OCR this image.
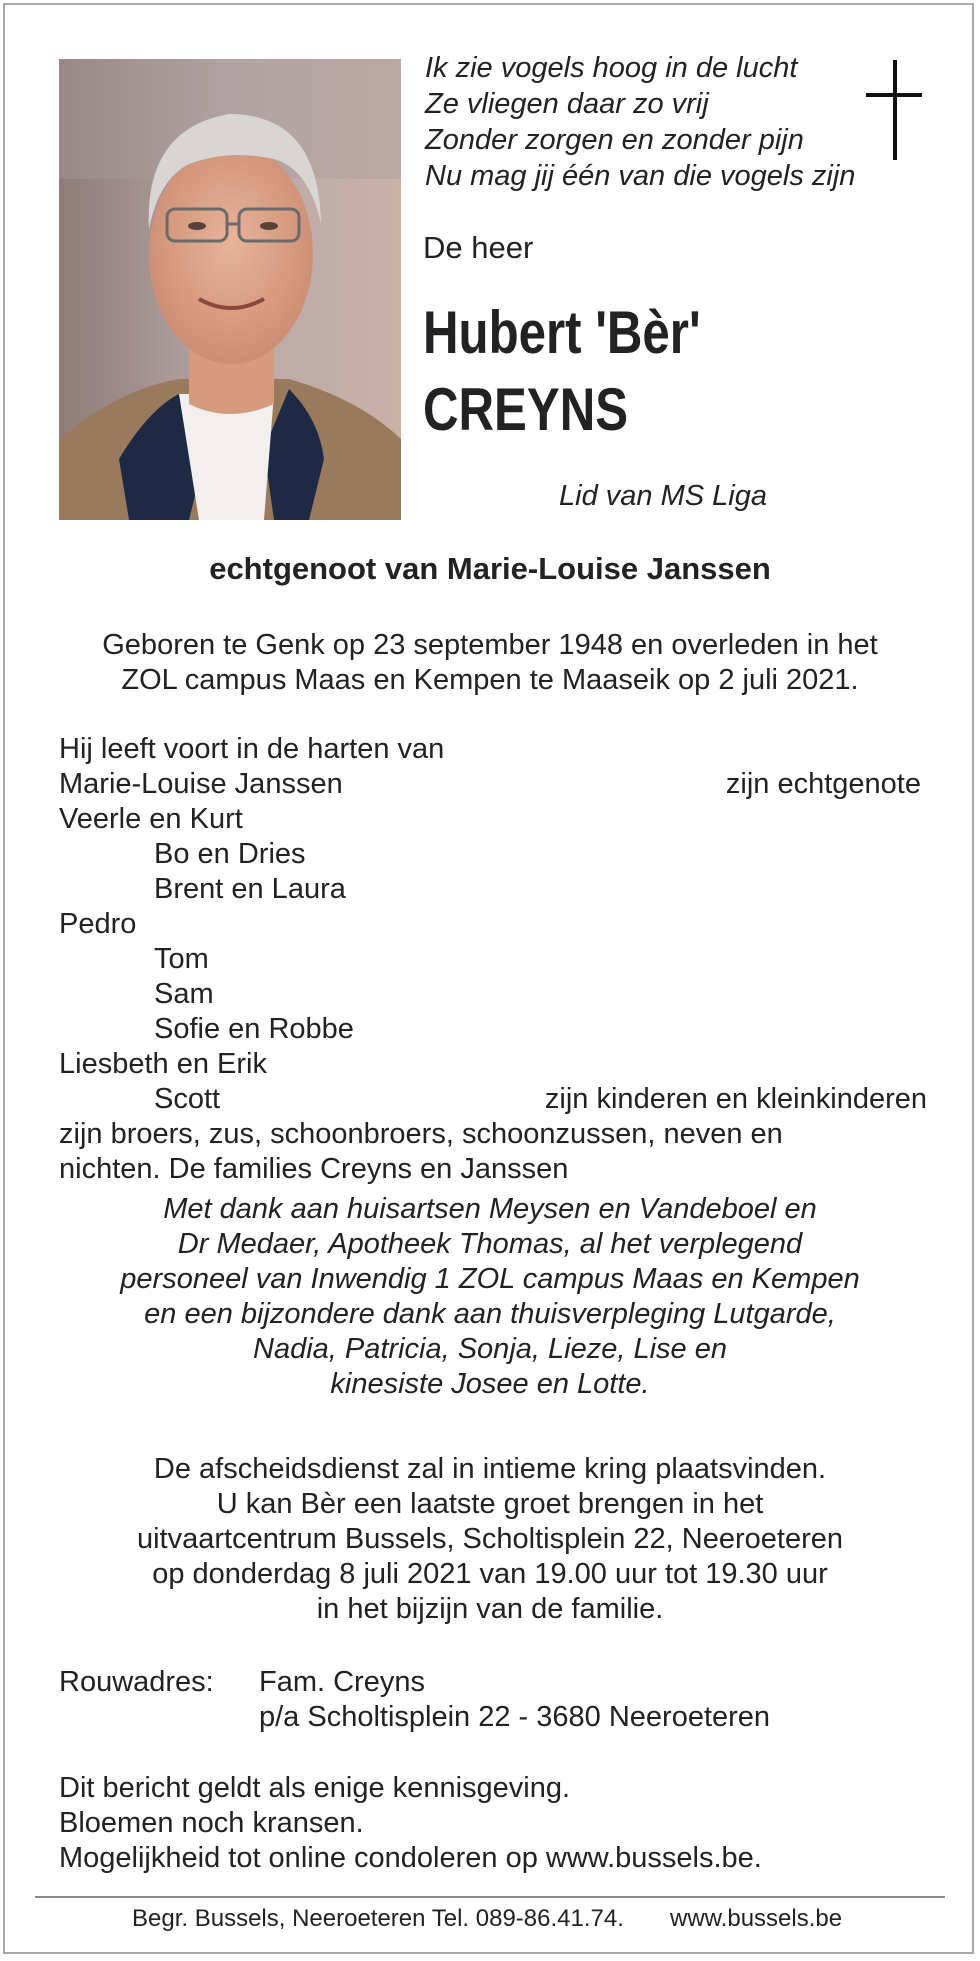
Ik zie vogels hoog in de lucht
Ze vliegen daar zo vrij
Zonder zorgen en zonder pijn
Nu mag jij één van die vogels zijn
De heer
Hubert 'Bèr'
CREYNS
Lid van MS Liga
echtgenoot van Marie-Louise Janssen
Geboren te Genk op 23 september 1948 en overleden in het
ZOL campus Maas en Kempen te Maaseik op 2 juli 2021.
Hij leeft voort in de harten van
Marie-Louise Janssen	zijn echtgenote
Veerle en Kurt
Bo en Dries
Brent en Laura
Pedro
Tom
Sam
Sofie en Robbe
Liesbeth en Erik
Scott	zijn kinderen en kleinkinderen
zijn broers, zus, schoonbroers, schoonzussen, neven en
nichten. De families Creyns en Janssen
Met dank aan huisartsen Meysen en Vandeboel en
Dr Medaer, Apotheek Thomas, al het verplegend
personeel van Inwendig 1 ZOL campus Maas en Kempen
en een bijzondere dank aan thuisverpleging Lutgarde,
Nadia, Patricia, Sonja, Lieze, Lise en
kinesiste Josee en Lotte.
De afscheidsdienst zal in intieme kring plaatsvinden.
U kan Bèr een laatste groet brengen in het
uitvaartcentrum Bussels, Scholtisplein 22, Neeroeteren
op donderdag 8 juli 2021 van 19.00 uur tot 19.30 uur
in het bijzijn van de familie.
Rouwadres: Fam. Creyns
p/a Scholtisplein 22 - 3680 Neeroeteren
Dit bericht geldt als enige kennisgeving.
Bloemen noch kransen.
Mogelijkheid tot online condoleren op www.bussels.be.
Begr. Bussels, Neeroeteren Tel. 089-86.41.74. www.bussels.be
